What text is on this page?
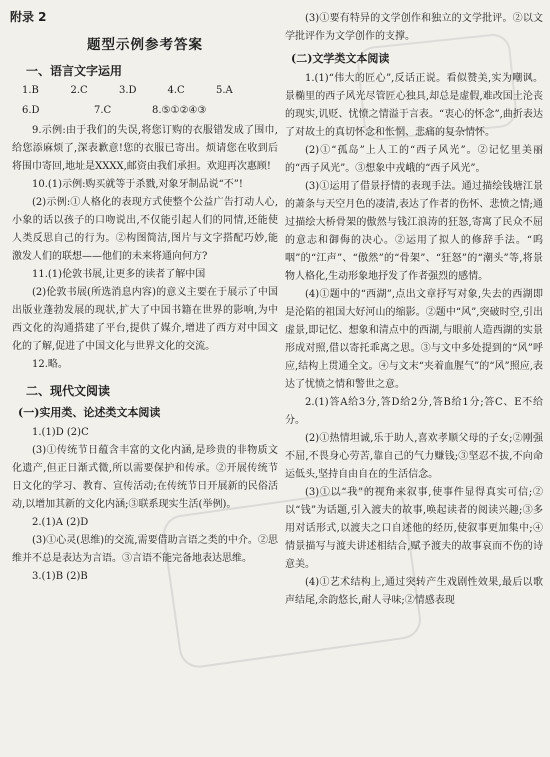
附录 2
题型示例参考答案
一、语言文字运用
1.B	2.C	3.D	4.C	5.A
6.D	7.C	8.⑤①②④③

9.示例:由于我们的失误,将您订购的衣服错发成了围巾,给您添麻烦了,深表歉意!您的衣服已寄出。烦请您在收到后将围巾寄回,地址是XXXX,邮资由我们承担。欢迎再次惠顾!

10.(1)示例:购买就等于杀戮,对象牙制品说“不”!

(2)示例:①人格化的表现方式使整个公益广告打动人心,小象的话以孩子的口吻说出,不仅能引起人们的同情,还能使人类反思自己的行为。②构图简洁,图片与文字搭配巧妙,能激发人们的联想——他们的未来将通向何方?

11.(1)伦敦书展,让更多的读者了解中国

(2)伦敦书展(所选消息内容)的意义主要在于展示了中国出版业蓬勃发展的现状,扩大了中国书籍在世界的影响,为中西文化的沟通搭建了平台,提供了媒介,增进了西方对中国文化的了解,促进了中国文化与世界文化的交流。

12.略。

二、现代文阅读
(一)实用类、论述类文本阅读

1.(1)D (2)C

(3)①传统节日蕴含丰富的文化内涵,是珍贵的非物质文化遗产,但正日渐式微,所以需要保护和传承。②开展传统节日文化的学习、教育、宣传活动;在传统节日开展新的民俗活动,以增加其新的文化内涵;③联系现实生活(举例)。

2.(1)A (2)D

(3)①心灵(思维)的交流,需要借助言语之类的中介。②思维并不总是表达为言语。③言语不能完备地表达思维。

3.(1)B (2)B

(3)①要有特异的文学创作和独立的文学批评。②以文学批评作为文学创作的支撑。

(二)文学类文本阅读

1.(1)“伟大的匠心”,反话正说。看似赞美,实为嘲讽。景椭里的西子风光尽管匠心独具,却总是虚假,难改国土沦丧的现实,讥贬、忧愤之情溢于言表。“衷心的怀念”,曲折表达了对故土的真切怀念和怅惘、悲痛的复杂情怀。

(2)①“孤岛”上人工的“西子风光”。②记忆里美丽的“西子风光”。③想象中戎峨的“西子风光”。

(3)①运用了借景抒情的表现手法。通过描绘钱塘江景的萧条与天空月色的凄清,表达了作者的伤怀、悲愤之情;通过描绘大桥骨架的傲然与钱江浪涛的狂怒,寄寓了民众不屈的意志和御侮的决心。②运用了拟人的修辞手法。“呜咽”的“江声”、“傲然”的“骨架”、“狂怒”的“潮头”等,将景物人格化,生动形象地抒发了作者强烈的感情。

(4)①题中的“西湖”,点出文章抒写对象,失去的西湖即是沦陷的祖国大好河山的缩影。②题中“风”,突破时空,引出虚景,即记忆、想象和清点中的西湖,与眼前人造西湖的实景形成对照,借以寄托乖离之思。③与文中多处提到的“风”呼应,结构上贯通全文。④与文末“夹着血腥气”的“风”照应,表达了忧愤之情和警世之意。

2.(1)答A给3分,答D给2分,答B给1分;答C、E不给分。

(2)①热情坦诚,乐于助人,喜欢孝顺父母的子女;②刚强不屈,不畏身心劳苦,靠自己的气力赚钱;③坚忍不拔,不向命运低头,坚持自由自在的生活信念。

(3)①以“我”的视角来叙事,使事件显得真实可信;②以“钱”为话题,引入渡夫的故事,唤起读者的阅读兴趣;③多用对话形式,以渡夫之口自述他的经历,使叙事更加集中;④情景描写与渡夫讲述相结合,赋予渡夫的故事哀而不伤的诗意美。

(4)①艺术结构上,通过突转产生戏剧性效果,最后以歌声结尾,余韵悠长,耐人寻味;②情感表现
